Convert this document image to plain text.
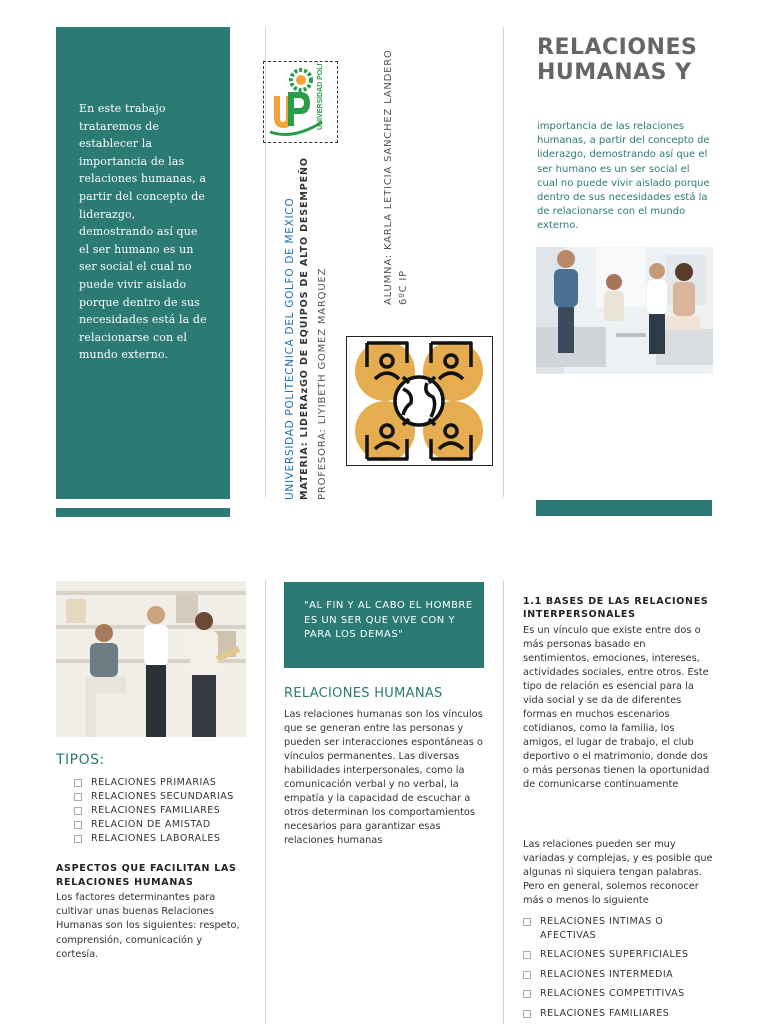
En este trabajo trataremos de establecer la importancia de las relaciones humanas, a partir del concepto de liderazgo, demostrando así que el ser humano es un ser social el cual no puede vivir aislado porque dentro de sus necesidades está la de relacionarse con el mundo externo.

UNIVERSIDAD POLITÉCNICA
UNIVERSIDAD POLITECNICA DEL GOLFO DE MEXICO MATERIA: LIDERAzGO DE EQUIPOS DE ALTO DESEMPEÑO PROFESORA: LIYIBETH GOMEZ MARQUEZ
ALUMNA: KARLA LETICIA SANCHEZ LANDERO 6ºC IP
RELACIONES HUMANAS Y

importancia de las relaciones humanas, a partir del concepto de liderazgo, demostrando así que el ser humano es un ser social el cual no puede vivir aislado porque dentro de sus necesidades está la de relacionarse con el mundo externo.

TIPOS:
RELACIONES PRIMARIAS
RELACIONES SECUNDARIAS
RELACIONES FAMILIARES
RELACION DE AMISTAD
RELACIONES LABORALES
ASPECTOS QUE FACILITAN LAS RELACIONES HUMANAS

Los factores determinantes para cultivar unas buenas Relaciones Humanas son los siguientes: respeto, comprensión, comunicación y cortesía.

"AL FIN Y AL CABO EL HOMBRE ES UN SER QUE VIVE CON Y PARA LOS DEMAS"

RELACIONES HUMANAS

Las relaciones humanas son los vínculos que se generan entre las personas y pueden ser interacciones espontáneas o vínculos permanentes. Las diversas habilidades interpersonales, como la comunicación verbal y no verbal, la empatía y la capacidad de escuchar a otros determinan los comportamientos necesarios para garantizar esas relaciones humanas

1.1 BASES DE LAS RELACIONES INTERPERSONALES

Es un vínculo que existe entre dos o más personas basado en sentimientos, emociones, intereses, actividades sociales, entre otros. Este tipo de relación es esencial para la vida social y se da de diferentes formas en muchos escenarios cotidianos, como la familia, los amigos, el lugar de trabajo, el club deportivo o el matrimonio, donde dos o más personas tienen la oportunidad de comunicarse continuamente

Las relaciones pueden ser muy variadas y complejas, y es posible que algunas ni siquiera tengan palabras. Pero en general, solemos reconocer más o menos lo siguiente

RELACIONES INTIMAS O AFECTIVAS
RELACIONES SUPERFICIALES
RELACIONES INTERMEDIA
RELACIONES COMPETITIVAS
RELACIONES FAMILIARES
